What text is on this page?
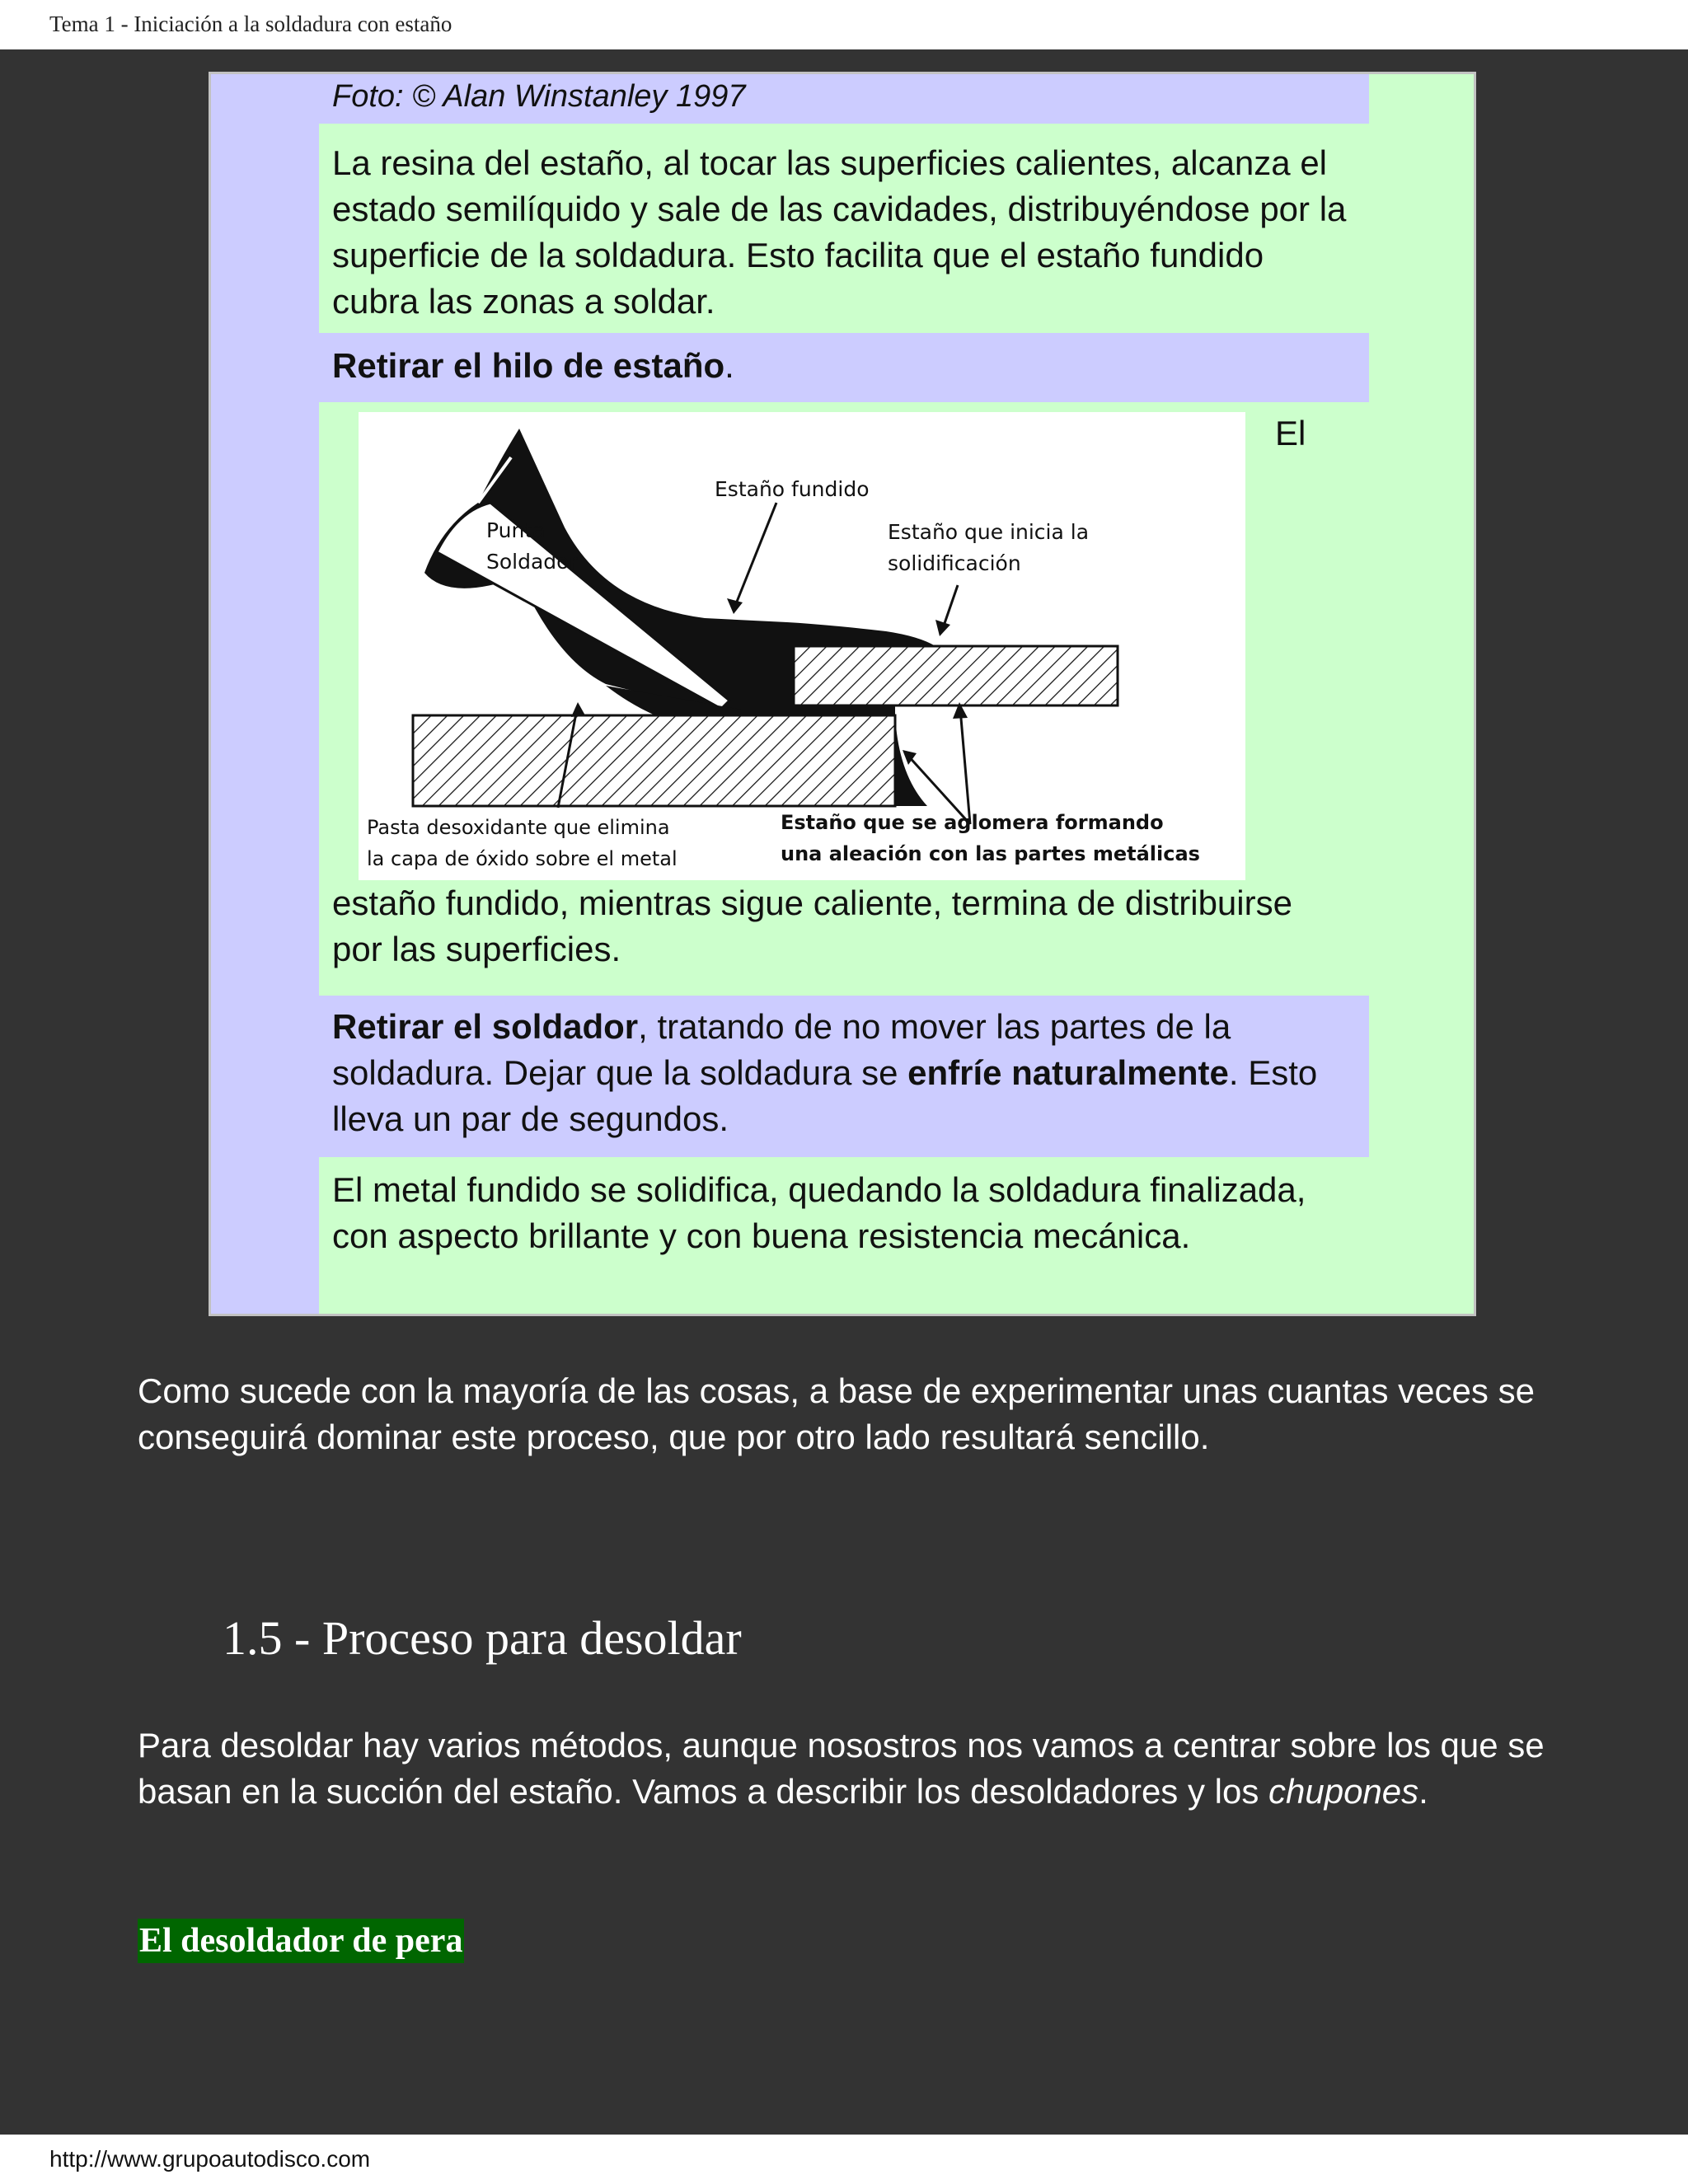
Tema 1 - Iniciación a la soldadura con estaño
Foto: © Alan Winstanley 1997
La resina del estaño, al tocar las superficies calientes, alcanza el estado semilíquido y sale de las cavidades, distribuyéndose por la superficie de la soldadura. Esto facilita que el estaño fundido cubra las zonas a soldar.
Retirar el hilo de estaño.
Punta
Soldador
Estaño fundido
Estaño que inicia la
solidificación
Pasta desoxidante que elimina
la capa de óxido sobre el metal
Estaño que se aglomera formando
una aleación con las partes metálicas
El
estaño fundido, mientras sigue caliente, termina de distribuirse por las superficies.
Retirar el soldador, tratando de no mover las partes de la soldadura. Dejar que la soldadura se enfríe naturalmente. Esto lleva un par de segundos.
El metal fundido se solidifica, quedando la soldadura finalizada, con aspecto brillante y con buena resistencia mecánica.
Como sucede con la mayoría de las cosas, a base de experimentar unas cuantas veces se conseguirá dominar este proceso, que por otro lado resultará sencillo.
1.5 - Proceso para desoldar
Para desoldar hay varios métodos, aunque nosostros nos vamos a centrar sobre los que se basan en la succión del estaño. Vamos a describir los desoldadores y los chupones.
El desoldador de pera
http://www.grupoautodisco.com
